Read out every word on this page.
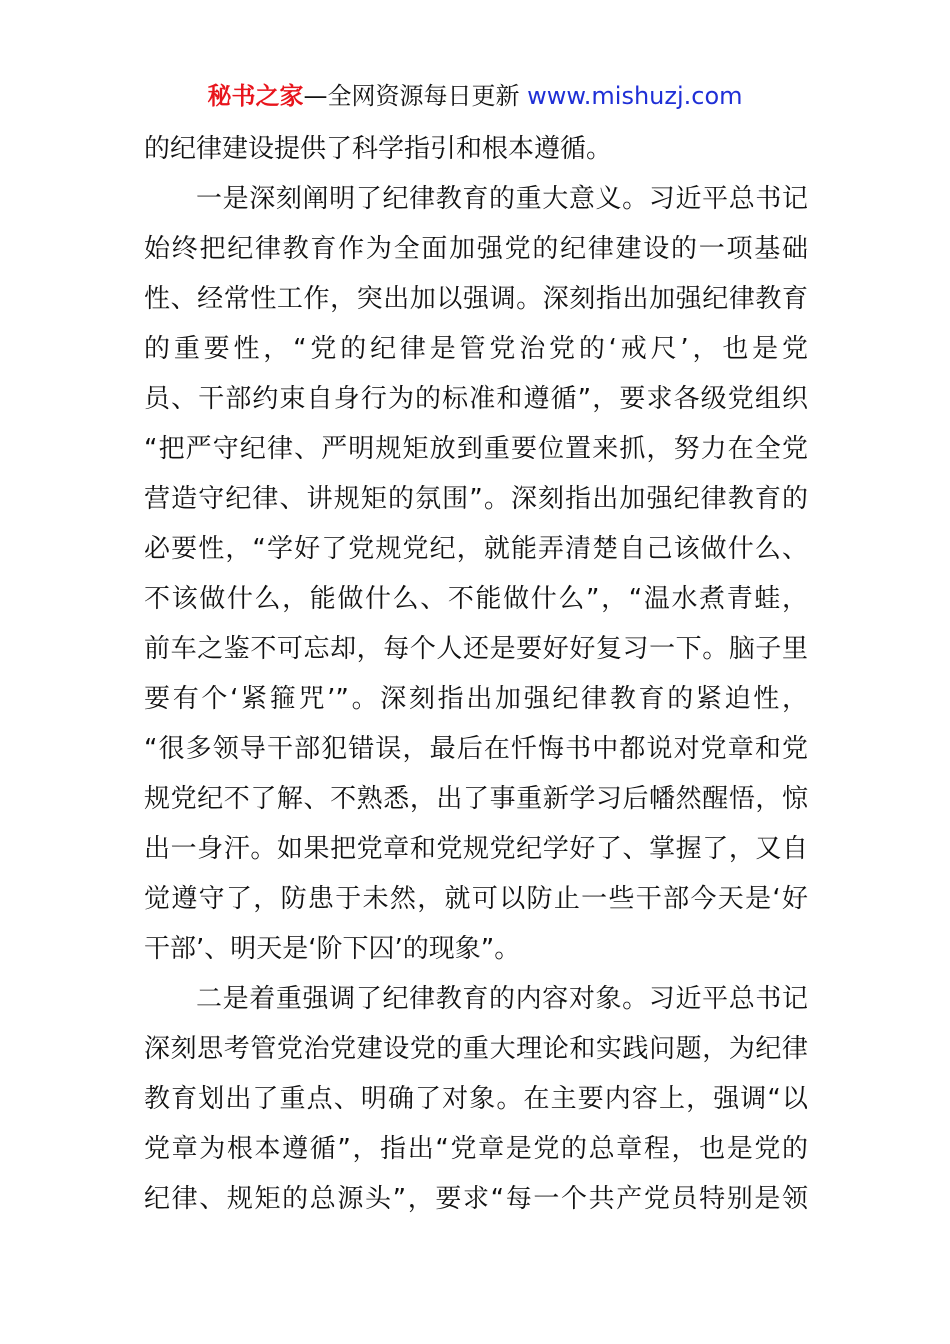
秘书之家—全网资源每日更新 www.mishuzj.com
的纪律建设提供了科学指引和根本遵循。
一是深刻阐明了纪律教育的重大意义。习近平总书记
始终把纪律教育作为全面加强党的纪律建设的一项基础
性、经常性工作，突出加以强调。深刻指出加强纪律教育
的重要性，“党的纪律是管党治党的‘戒尺’，也是党
员、干部约束自身行为的标准和遵循”，要求各级党组织
“把严守纪律、严明规矩放到重要位置来抓，努力在全党
营造守纪律、讲规矩的氛围”。深刻指出加强纪律教育的
必要性，“学好了党规党纪，就能弄清楚自己该做什么、
不该做什么，能做什么、不能做什么”，“温水煮青蛙，
前车之鉴不可忘却，每个人还是要好好复习一下。脑子里
要有个‘紧箍咒’”。深刻指出加强纪律教育的紧迫性，
“很多领导干部犯错误，最后在忏悔书中都说对党章和党
规党纪不了解、不熟悉，出了事重新学习后幡然醒悟，惊
出一身汗。如果把党章和党规党纪学好了、掌握了，又自
觉遵守了，防患于未然，就可以防止一些干部今天是‘好
干部’、明天是‘阶下囚’的现象”。
二是着重强调了纪律教育的内容对象。习近平总书记
深刻思考管党治党建设党的重大理论和实践问题，为纪律
教育划出了重点、明确了对象。在主要内容上，强调“以
党章为根本遵循”，指出“党章是党的总章程，也是党的
纪律、规矩的总源头”，要求“每一个共产党员特别是领
